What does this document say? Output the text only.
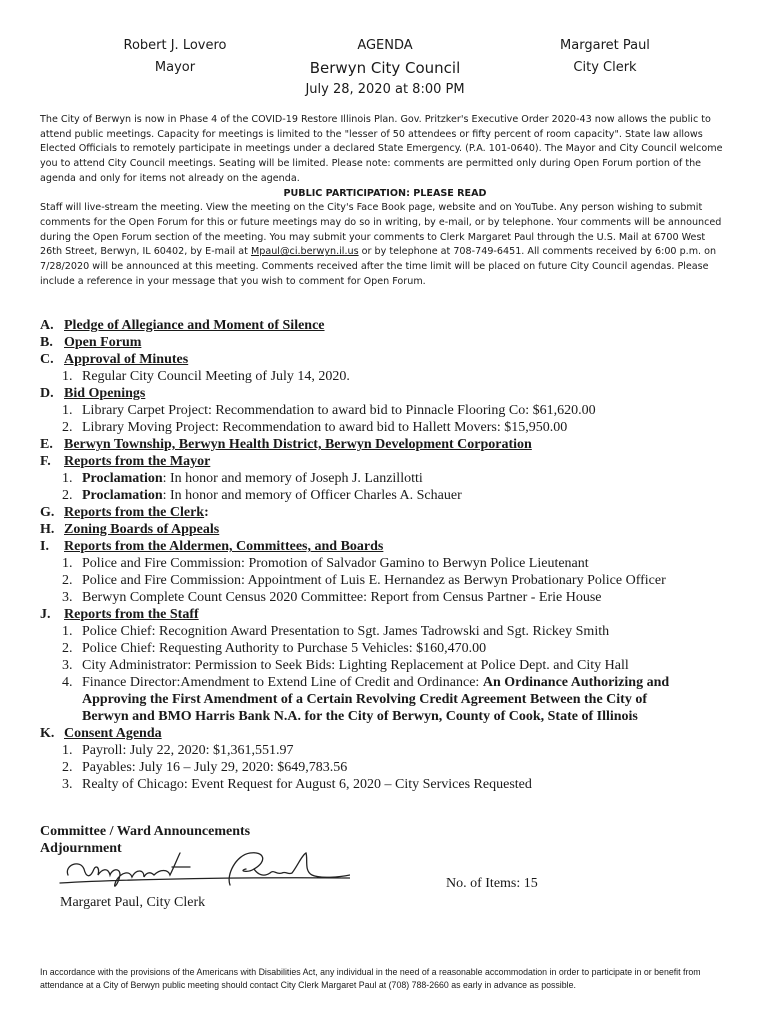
Robert J. Lovero
Mayor
AGENDA
Berwyn City Council
July 28, 2020 at 8:00 PM
Margaret Paul
City Clerk
The City of Berwyn is now in Phase 4 of the COVID-19 Restore Illinois Plan. Gov. Pritzker's Executive Order 2020-43 now allows the public to attend public meetings. Capacity for meetings is limited to the "lesser of 50 attendees or fifty percent of room capacity". State law allows Elected Officials to remotely participate in meetings under a declared State Emergency. (P.A. 101-0640). The Mayor and City Council welcome you to attend City Council meetings. Seating will be limited. Please note: comments are permitted only during Open Forum portion of the agenda and only for items not already on the agenda.
PUBLIC PARTICIPATION: PLEASE READ
Staff will live-stream the meeting. View the meeting on the City's Face Book page, website and on YouTube. Any person wishing to submit comments for the Open Forum for this or future meetings may do so in writing, by e-mail, or by telephone. Your comments will be announced during the Open Forum section of the meeting. You may submit your comments to Clerk Margaret Paul through the U.S. Mail at 6700 West 26th Street, Berwyn, IL 60402, by E-mail at Mpaul@ci.berwyn.il.us or by telephone at 708-749-6451. All comments received by 6:00 p.m. on 7/28/2020 will be announced at this meeting. Comments received after the time limit will be placed on future City Council agendas. Please include a reference in your message that you wish to comment for Open Forum.
A. Pledge of Allegiance and Moment of Silence
B. Open Forum
C. Approval of Minutes
1. Regular City Council Meeting of July 14, 2020.
D. Bid Openings
1. Library Carpet Project: Recommendation to award bid to Pinnacle Flooring Co: $61,620.00
2. Library Moving Project: Recommendation to award bid to Hallett Movers: $15,950.00
E. Berwyn Township, Berwyn Health District, Berwyn Development Corporation
F. Reports from the Mayor
1. Proclamation: In honor and memory of Joseph J. Lanzillotti
2. Proclamation: In honor and memory of Officer Charles A. Schauer
G. Reports from the Clerk:
H. Zoning Boards of Appeals
I. Reports from the Aldermen, Committees, and Boards
1. Police and Fire Commission: Promotion of Salvador Gamino to Berwyn Police Lieutenant
2. Police and Fire Commission: Appointment of Luis E. Hernandez as Berwyn Probationary Police Officer
3. Berwyn Complete Count Census 2020 Committee: Report from Census Partner - Erie House
J. Reports from the Staff
1. Police Chief: Recognition Award Presentation to Sgt. James Tadrowski and Sgt. Rickey Smith
2. Police Chief: Requesting Authority to Purchase 5 Vehicles: $160,470.00
3. City Administrator: Permission to Seek Bids: Lighting Replacement at Police Dept. and City Hall
4. Finance Director:Amendment to Extend Line of Credit and Ordinance: An Ordinance Authorizing and
Approving the First Amendment of a Certain Revolving Credit Agreement Between the City of
Berwyn and BMO Harris Bank N.A. for the City of Berwyn, County of Cook, State of Illinois
K. Consent Agenda
1. Payroll: July 22, 2020: $1,361,551.97
2. Payables: July 16 – July 29, 2020: $649,783.56
3. Realty of Chicago: Event Request for August 6, 2020 – City Services Requested
Committee / Ward Announcements
Adjournment
Margaret Paul, City Clerk
No. of Items: 15
In accordance with the provisions of the Americans with Disabilities Act, any individual in the need of a reasonable accommodation in order to participate in or benefit from attendance at a City of Berwyn public meeting should contact City Clerk Margaret Paul at (708) 788-2660 as early in advance as possible.
